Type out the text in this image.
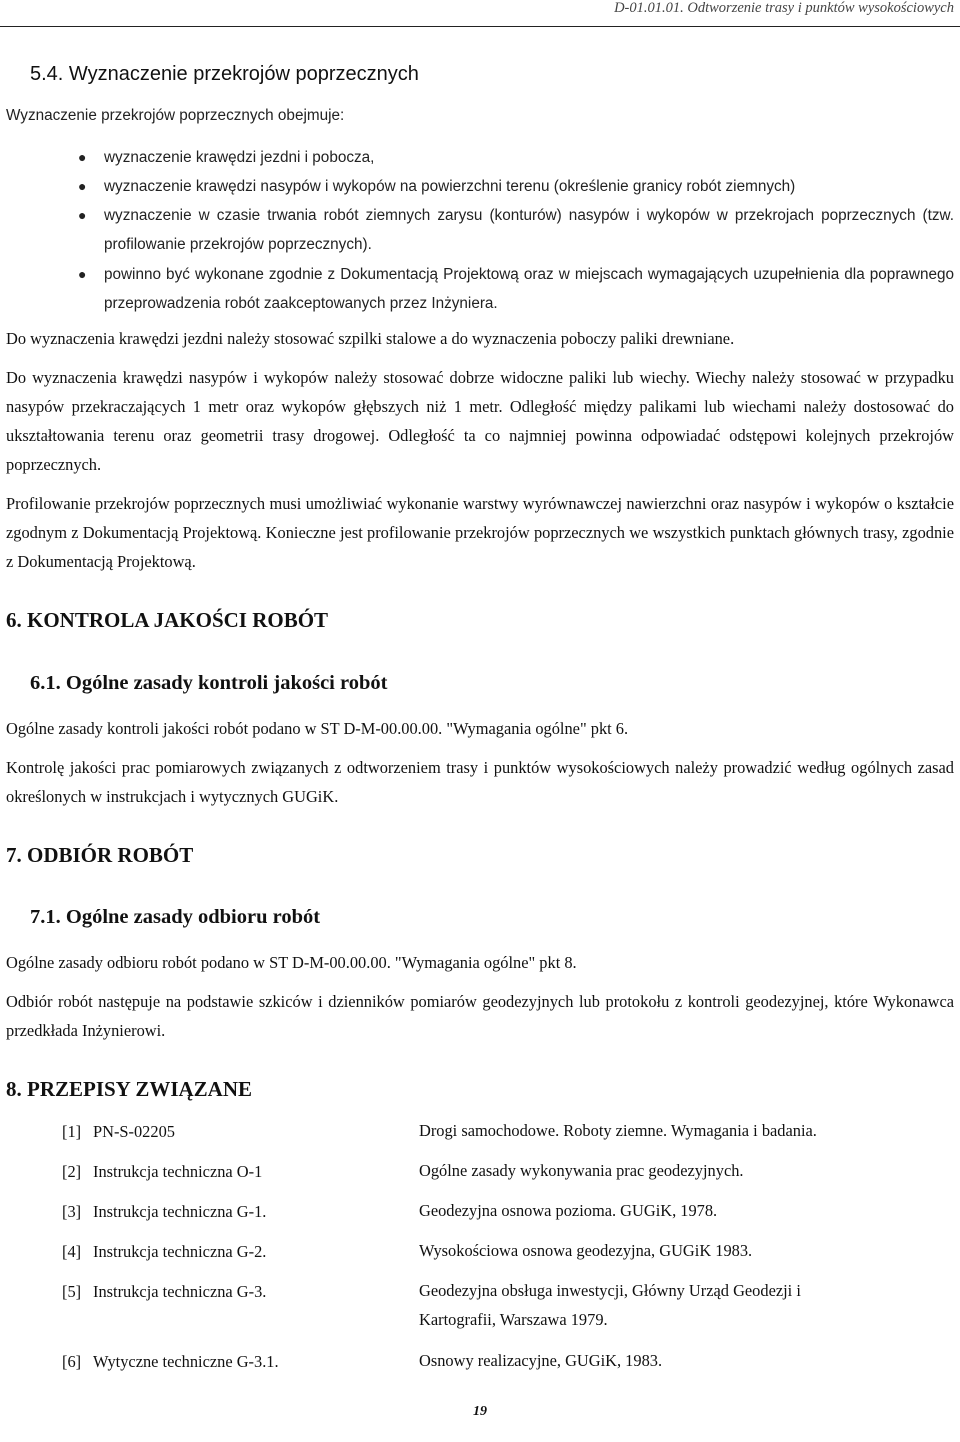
D-01.01.01. Odtworzenie trasy i punktów wysokościowych
5.4. Wyznaczenie przekrojów poprzecznych
Wyznaczenie przekrojów poprzecznych obejmuje:
● wyznaczenie krawędzi jezdni i pobocza,
● wyznaczenie krawędzi nasypów i wykopów na powierzchni terenu (określenie granicy robót ziemnych)
● wyznaczenie w czasie trwania robót ziemnych zarysu (konturów) nasypów i wykopów w przekrojach poprzecznych (tzw. profilowanie przekrojów poprzecznych).
● powinno być wykonane zgodnie z Dokumentacją Projektową oraz w miejscach wymagających uzupełnienia dla poprawnego przeprowadzenia robót zaakceptowanych przez Inżyniera.

Do wyznaczenia krawędzi jezdni należy stosować szpilki stalowe a do wyznaczenia poboczy paliki drewniane.

Do wyznaczenia krawędzi nasypów i wykopów należy stosować dobrze widoczne paliki lub wiechy. Wiechy należy stosować w przypadku nasypów przekraczających 1 metr oraz wykopów głębszych niż 1 metr. Odległość między palikami lub wiechami należy dostosować do ukształtowania terenu oraz geometrii trasy drogowej. Odległość ta co najmniej powinna odpowiadać odstępowi kolejnych przekrojów poprzecznych.

Profilowanie przekrojów poprzecznych musi umożliwiać wykonanie warstwy wyrównawczej nawierzchni oraz nasypów i wykopów o kształcie zgodnym z Dokumentacją Projektową. Konieczne jest profilowanie przekrojów poprzecznych we wszystkich punktach głównych trasy, zgodnie z Dokumentacją Projektową.

6. KONTROLA JAKOŚCI ROBÓT
6.1. Ogólne zasady kontroli jakości robót

Ogólne zasady kontroli jakości robót podano w ST D-M-00.00.00. "Wymagania ogólne" pkt 6.

Kontrolę jakości prac pomiarowych związanych z odtworzeniem trasy i punktów wysokościowych należy prowadzić według ogólnych zasad określonych w instrukcjach i wytycznych GUGiK.

7. ODBIÓR ROBÓT
7.1. Ogólne zasady odbioru robót

Ogólne zasady odbioru robót podano w ST D-M-00.00.00. "Wymagania ogólne" pkt 8.

Odbiór robót następuje na podstawie szkiców i dzienników pomiarów geodezyjnych lub protokołu z kontroli geodezyjnej, które Wykonawca przedkłada Inżynierowi.

8. PRZEPISY ZWIĄZANE
[1] PN-S-02205	Drogi samochodowe. Roboty ziemne. Wymagania i badania.
[2] Instrukcja techniczna O-1	Ogólne zasady wykonywania prac geodezyjnych.
[3] Instrukcja techniczna G-1.	Geodezyjna osnowa pozioma. GUGiK, 1978.
[4] Instrukcja techniczna G-2.	Wysokościowa osnowa geodezyjna, GUGiK 1983.
[5] Instrukcja techniczna G-3.	Geodezyjna obsługa inwestycji, Główny Urząd Geodezji i Kartografii, Warszawa 1979.
[6] Wytyczne techniczne G-3.1.	Osnowy realizacyjne, GUGiK, 1983.
19
